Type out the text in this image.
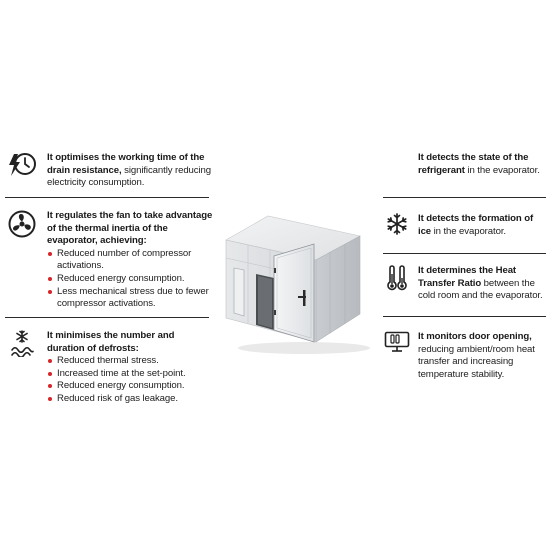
It optimises the working time of the drain resistance, significantly reducing electricity consumption.
It regulates the fan to take advantage of the thermal inertia of the evaporator, achieving:
Reduced number of compressor activations.
Reduced energy consumption.
Less mechanical stress due to fewer compressor activations.
It minimises the number and duration of defrosts:
Reduced thermal stress.
Increased time at the set-point.
Reduced energy consumption.
Reduced risk of gas leakage.
It detects the state of the refrigerant in the evaporator.
It detects the formation of ice in the evaporator.
It determines the Heat Transfer Ratio between the cold room and the evaporator.
It monitors door opening, reducing ambient/room heat transfer and increasing temperature stability.
